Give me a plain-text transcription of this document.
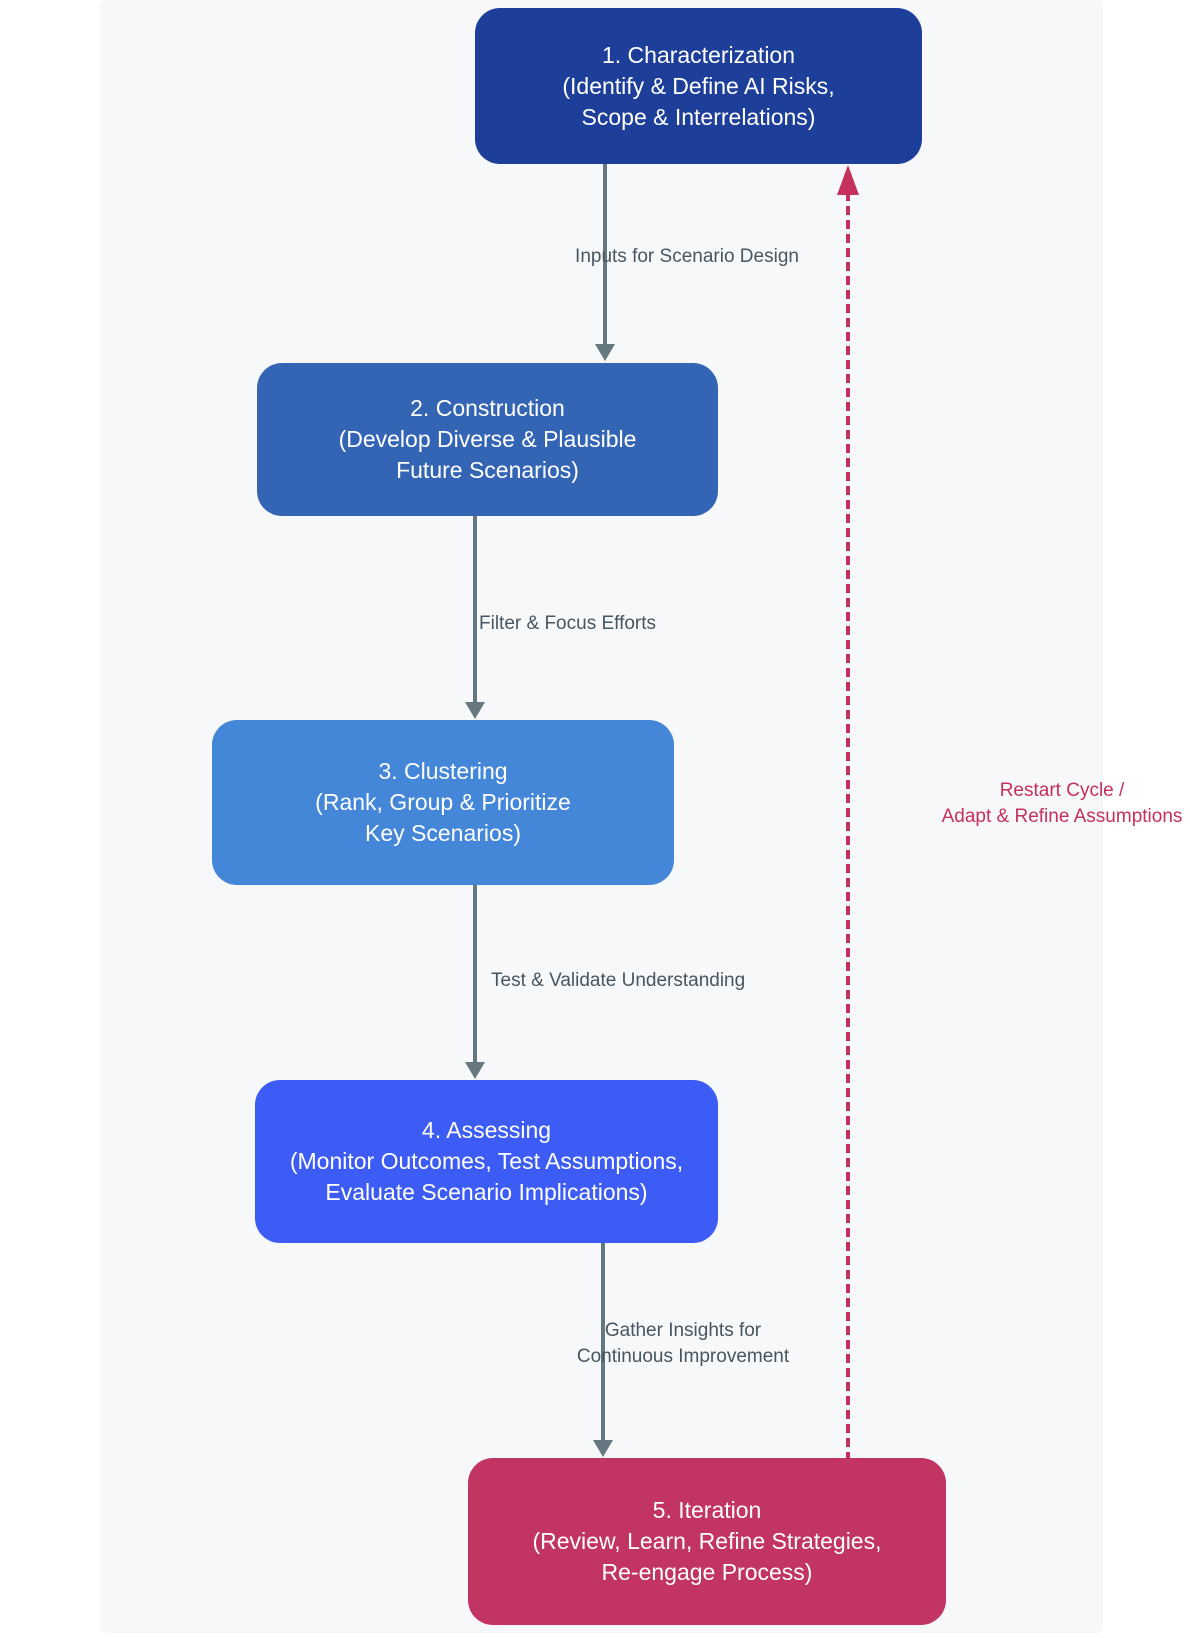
1. Characterization
(Identify & Define AI Risks,
Scope & Interrelations)
2. Construction
(Develop Diverse & Plausible
Future Scenarios)
3. Clustering
(Rank, Group & Prioritize
Key Scenarios)
4. Assessing
(Monitor Outcomes, Test Assumptions,
Evaluate Scenario Implications)
5. Iteration
(Review, Learn, Refine Strategies,
Re-engage Process)
Inputs for Scenario Design
Filter & Focus Efforts
Test & Validate Understanding
Gather Insights for
Continuous Improvement
Restart Cycle /
Adapt & Refine Assumptions
